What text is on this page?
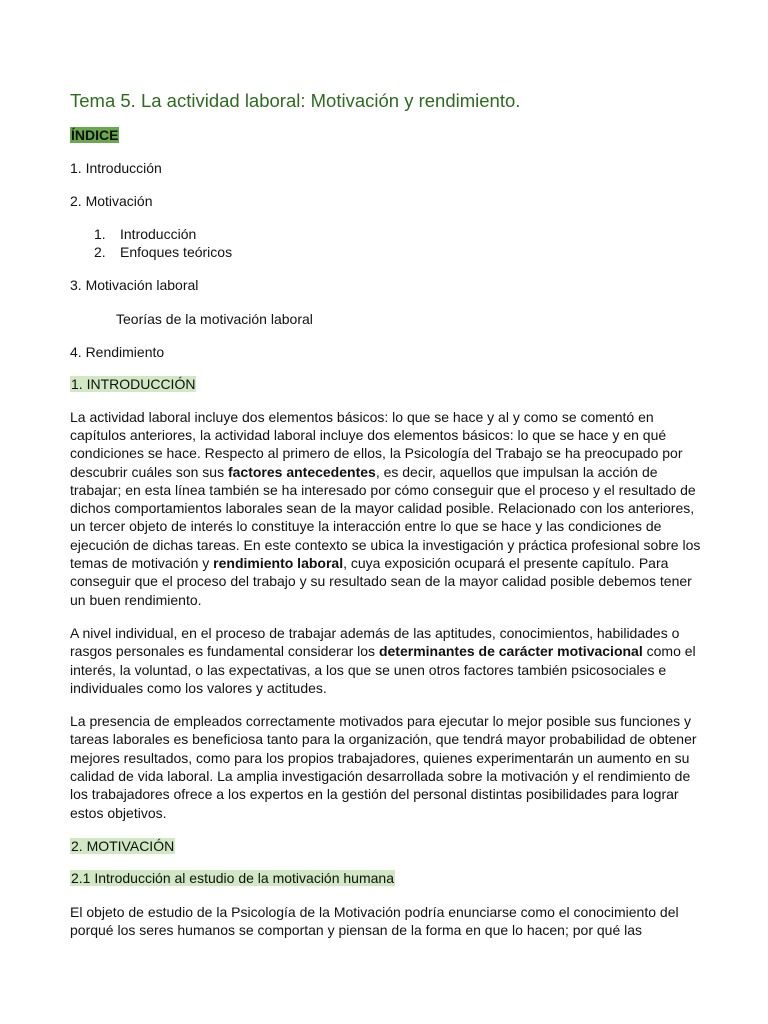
Tema 5. La actividad laboral: Motivación y rendimiento.

ÍNDICE

1. Introducción

2. Motivación

1.	Introducción
2.	Enfoques teóricos

3. Motivación laboral

Teorías de la motivación laboral

4. Rendimiento

1. INTRODUCCIÓN

La actividad laboral incluye dos elementos básicos: lo que se hace y al y como se comentó en capítulos anteriores, la actividad laboral incluye dos elementos básicos: lo que se hace y en qué condiciones se hace. Respecto al primero de ellos, la Psicología del Trabajo se ha preocupado por descubrir cuáles son sus factores antecedentes, es decir, aquellos que impulsan la acción de trabajar; en esta línea también se ha interesado por cómo conseguir que el proceso y el resultado de dichos comportamientos laborales sean de la mayor calidad posible. Relacionado con los anteriores, un tercer objeto de interés lo constituye la interacción entre lo que se hace y las condiciones de ejecución de dichas tareas. En este contexto se ubica la investigación y práctica profesional sobre los temas de motivación y rendimiento laboral, cuya exposición ocupará el presente capítulo. Para conseguir que el proceso del trabajo y su resultado sean de la mayor calidad posible debemos tener un buen rendimiento.

A nivel individual, en el proceso de trabajar además de las aptitudes, conocimientos, habilidades o rasgos personales es fundamental considerar los determinantes de carácter motivacional como el interés, la voluntad, o las expectativas, a los que se unen otros factores también psicosociales e individuales como los valores y actitudes.

La presencia de empleados correctamente motivados para ejecutar lo mejor posible sus funciones y tareas laborales es beneficiosa tanto para la organización, que tendrá mayor probabilidad de obtener mejores resultados, como para los propios trabajadores, quienes experimentarán un aumento en su calidad de vida laboral. La amplia investigación desarrollada sobre la motivación y el rendimiento de los trabajadores ofrece a los expertos en la gestión del personal distintas posibilidades para lograr estos objetivos.

2. MOTIVACIÓN

2.1 Introducción al estudio de la motivación humana

El objeto de estudio de la Psicología de la Motivación podría enunciarse como el conocimiento del porqué los seres humanos se comportan y piensan de la forma en que lo hacen; por qué las
